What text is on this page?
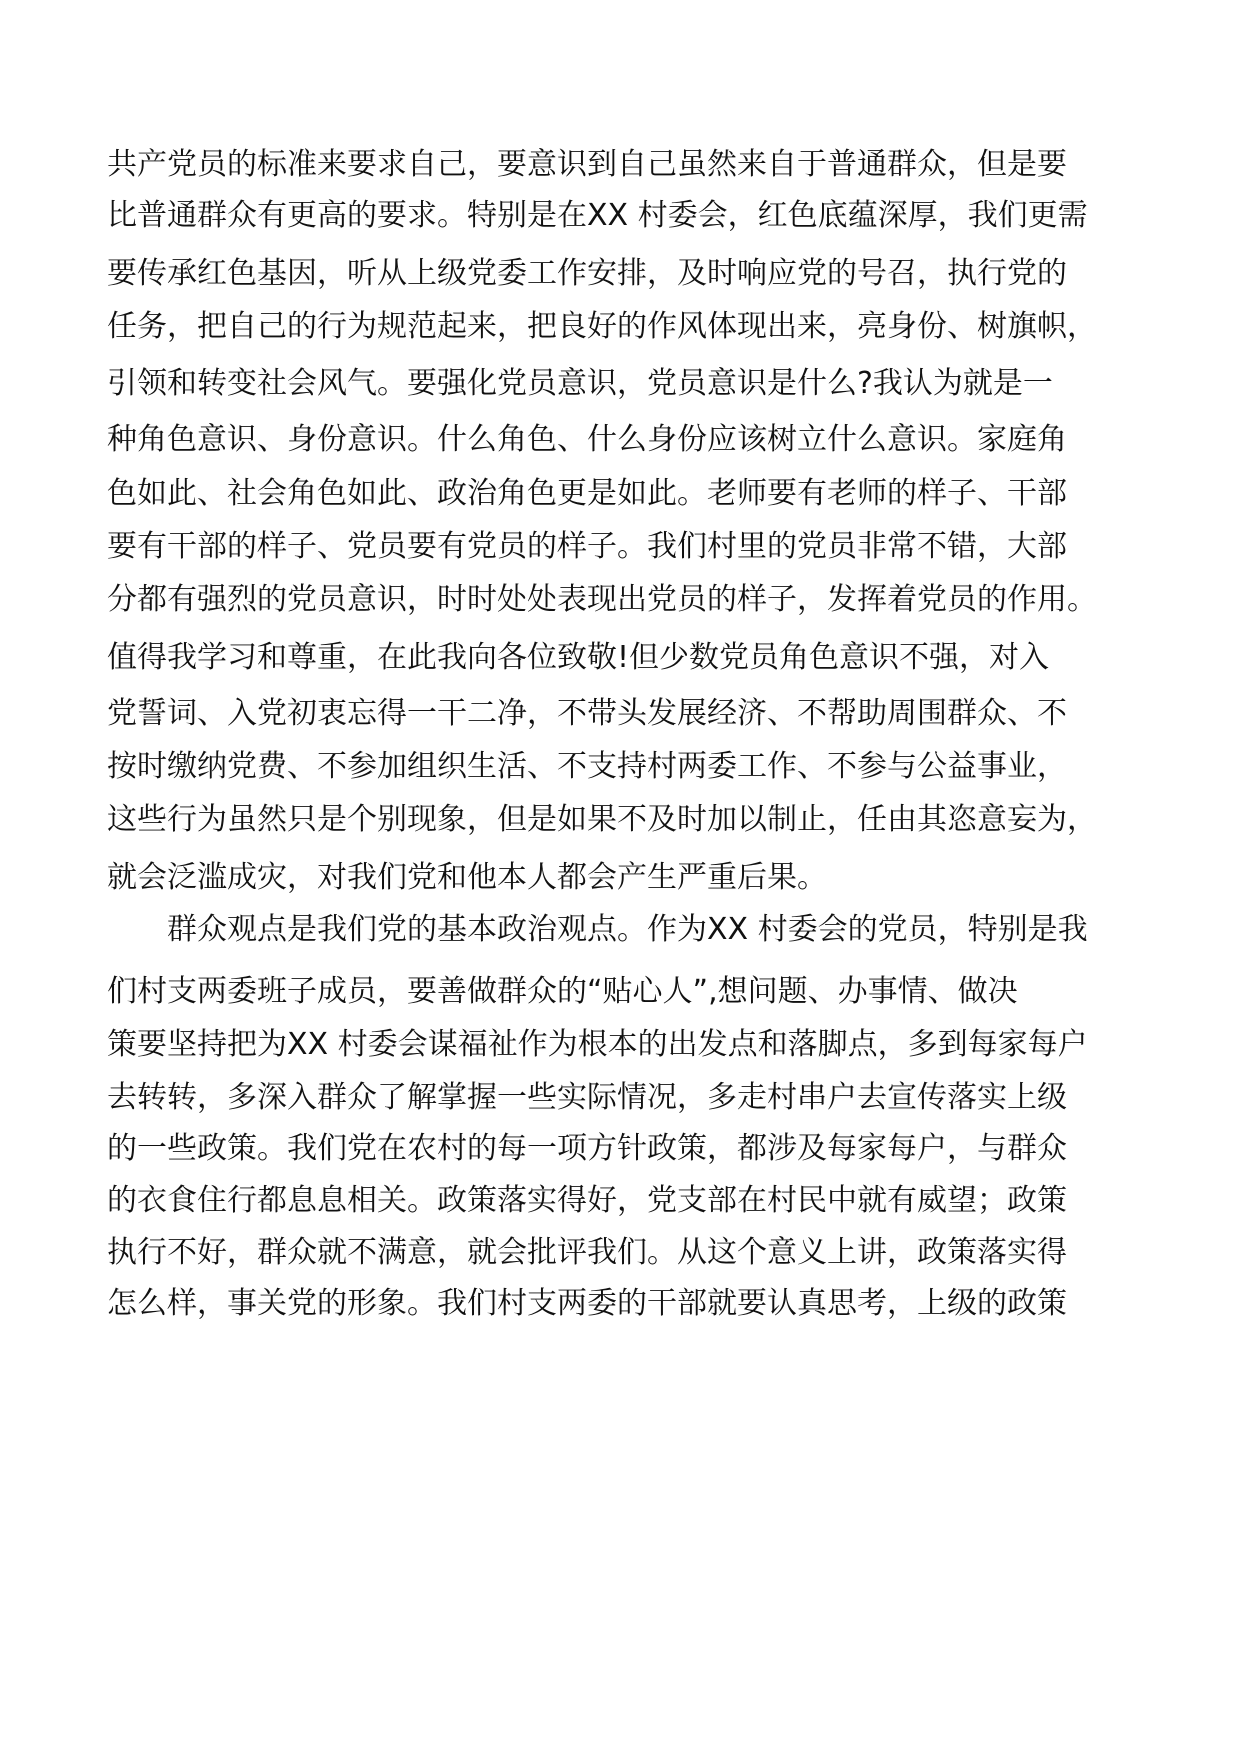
共产党员的标准来要求自己，要意识到自己虽然来自于普通群众，但是要
比普通群众有更高的要求。特别是在XX 村委会，红色底蕴深厚，我们更需
要传承红色基因，听从上级党委工作安排，及时响应党的号召，执行党的
任务，把自己的行为规范起来，把良好的作风体现出来，亮身份、树旗帜，
引领和转变社会风气。要强化党员意识，党员意识是什么?我认为就是一
种角色意识、身份意识。什么角色、什么身份应该树立什么意识。家庭角
色如此、社会角色如此、政治角色更是如此。老师要有老师的样子、干部
要有干部的样子、党员要有党员的样子。我们村里的党员非常不错，大部
分都有强烈的党员意识，时时处处表现出党员的样子，发挥着党员的作用。
值得我学习和尊重，在此我向各位致敬!但少数党员角色意识不强，对入
党誓词、入党初衷忘得一干二净，不带头发展经济、不帮助周围群众、不
按时缴纳党费、不参加组织生活、不支持村两委工作、不参与公益事业，
这些行为虽然只是个别现象，但是如果不及时加以制止，任由其恣意妄为，
就会泛滥成灾，对我们党和他本人都会产生严重后果。
　　群众观点是我们党的基本政治观点。作为XX 村委会的党员，特别是我
们村支两委班子成员，要善做群众的“贴心人”,想问题、办事情、做决
策要坚持把为XX 村委会谋福祉作为根本的出发点和落脚点，多到每家每户
去转转，多深入群众了解掌握一些实际情况，多走村串户去宣传落实上级
的一些政策。我们党在农村的每一项方针政策，都涉及每家每户，与群众
的衣食住行都息息相关。政策落实得好，党支部在村民中就有威望；政策
执行不好，群众就不满意，就会批评我们。从这个意义上讲，政策落实得
怎么样，事关党的形象。我们村支两委的干部就要认真思考，上级的政策
